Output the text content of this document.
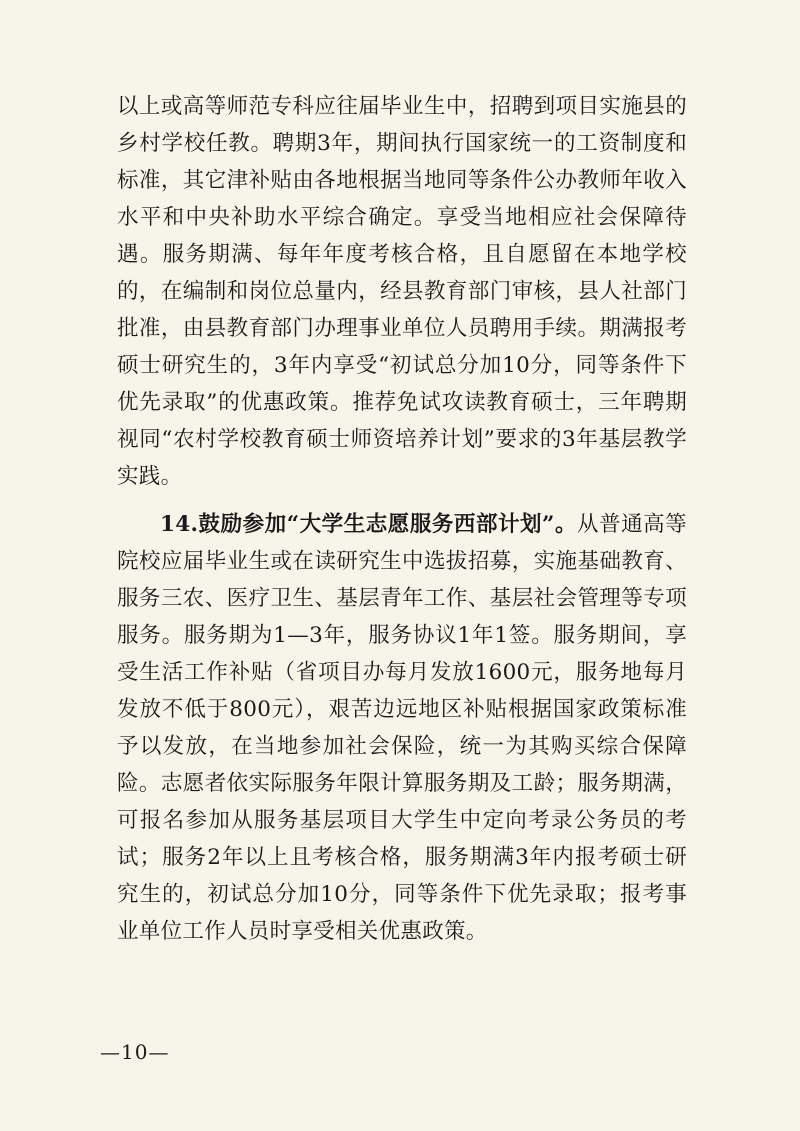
以上或高等师范专科应往届毕业生中，招聘到项目实施县的乡村学校任教。聘期3年，期间执行国家统一的工资制度和标准，其它津补贴由各地根据当地同等条件公办教师年收入水平和中央补助水平综合确定。享受当地相应社会保障待遇。服务期满、每年年度考核合格，且自愿留在本地学校的，在编制和岗位总量内，经县教育部门审核，县人社部门批准，由县教育部门办理事业单位人员聘用手续。期满报考硕士研究生的，3年内享受“初试总分加10分，同等条件下优先录取”的优惠政策。推荐免试攻读教育硕士，三年聘期视同“农村学校教育硕士师资培养计划”要求的3年基层教学实践。

14.鼓励参加“大学生志愿服务西部计划”。从普通高等院校应届毕业生或在读研究生中选拔招募，实施基础教育、服务三农、医疗卫生、基层青年工作、基层社会管理等专项服务。服务期为1—3年，服务协议1年1签。服务期间，享受生活工作补贴（省项目办每月发放1600元，服务地每月发放不低于800元），艰苦边远地区补贴根据国家政策标准予以发放，在当地参加社会保险，统一为其购买综合保障险。志愿者依实际服务年限计算服务期及工龄；服务期满，可报名参加从服务基层项目大学生中定向考录公务员的考试；服务2年以上且考核合格，服务期满3年内报考硕士研究生的，初试总分加10分，同等条件下优先录取；报考事业单位工作人员时享受相关优惠政策。

—10—
